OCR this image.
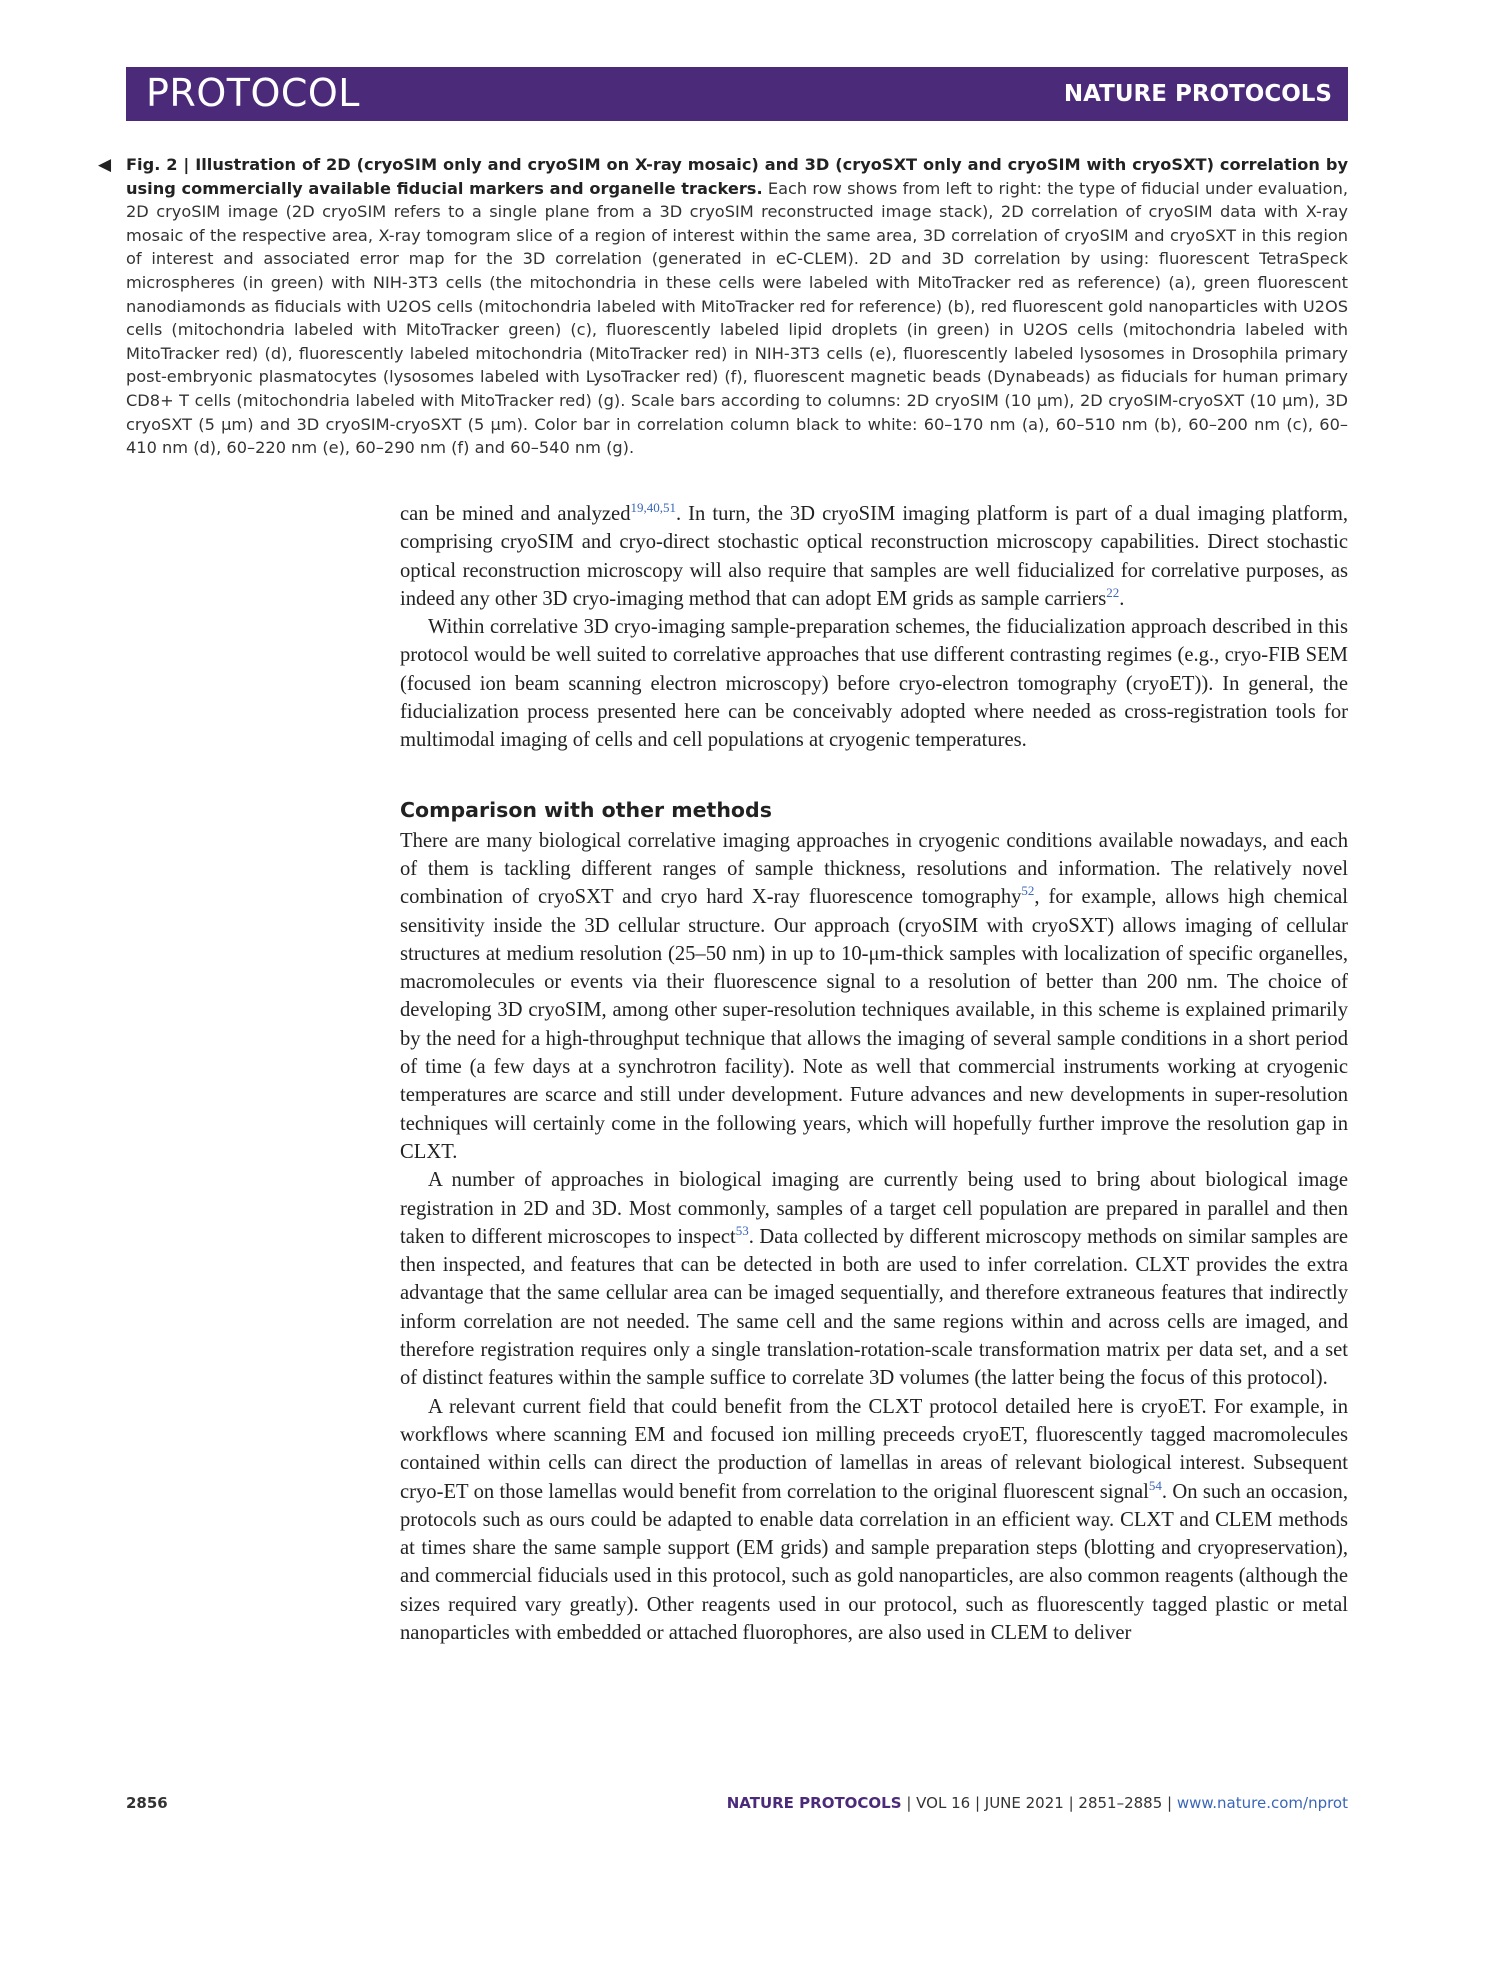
PROTOCOL	NATURE PROTOCOLS
◀ Fig. 2 | Illustration of 2D (cryoSIM only and cryoSIM on X-ray mosaic) and 3D (cryoSXT only and cryoSIM with cryoSXT) correlation by using commercially available fiducial markers and organelle trackers. Each row shows from left to right: the type of fiducial under evaluation, 2D cryoSIM image (2D cryoSIM refers to a single plane from a 3D cryoSIM reconstructed image stack), 2D correlation of cryoSIM data with X-ray mosaic of the respective area, X-ray tomogram slice of a region of interest within the same area, 3D correlation of cryoSIM and cryoSXT in this region of interest and associated error map for the 3D correlation (generated in eC-CLEM). 2D and 3D correlation by using: fluorescent TetraSpeck microspheres (in green) with NIH-3T3 cells (the mitochondria in these cells were labeled with MitoTracker red as reference) (a), green fluorescent nanodiamonds as fiducials with U2OS cells (mitochondria labeled with MitoTracker red for reference) (b), red fluorescent gold nanoparticles with U2OS cells (mitochondria labeled with MitoTracker green) (c), fluorescently labeled lipid droplets (in green) in U2OS cells (mitochondria labeled with MitoTracker red) (d), fluorescently labeled mitochondria (MitoTracker red) in NIH-3T3 cells (e), fluorescently labeled lysosomes in Drosophila primary post-embryonic plasmatocytes (lysosomes labeled with LysoTracker red) (f), fluorescent magnetic beads (Dynabeads) as fiducials for human primary CD8+ T cells (mitochondria labeled with MitoTracker red) (g). Scale bars according to columns: 2D cryoSIM (10 μm), 2D cryoSIM-cryoSXT (10 μm), 3D cryoSXT (5 μm) and 3D cryoSIM-cryoSXT (5 μm). Color bar in correlation column black to white: 60–170 nm (a), 60–510 nm (b), 60–200 nm (c), 60–410 nm (d), 60–220 nm (e), 60–290 nm (f) and 60–540 nm (g).

can be mined and analyzed$^{19,40,51}$. In turn, the 3D cryoSIM imaging platform is part of a dual imaging platform, comprising cryoSIM and cryo-direct stochastic optical reconstruction microscopy capabilities. Direct stochastic optical reconstruction microscopy will also require that samples are well fiducialized for correlative purposes, as indeed any other 3D cryo-imaging method that can adopt EM grids as sample carriers$^{22}$.

Within correlative 3D cryo-imaging sample-preparation schemes, the fiducialization approach described in this protocol would be well suited to correlative approaches that use different contrasting regimes (e.g., cryo-FIB SEM (focused ion beam scanning electron microscopy) before cryo-electron tomography (cryoET)). In general, the fiducialization process presented here can be conceivably adopted where needed as cross-registration tools for multimodal imaging of cells and cell populations at cryogenic temperatures.

Comparison with other methods

There are many biological correlative imaging approaches in cryogenic conditions available nowadays, and each of them is tackling different ranges of sample thickness, resolutions and information. The relatively novel combination of cryoSXT and cryo hard X-ray fluorescence tomography$^{52}$, for example, allows high chemical sensitivity inside the 3D cellular structure. Our approach (cryoSIM with cryoSXT) allows imaging of cellular structures at medium resolution (25–50 nm) in up to 10-μm-thick samples with localization of specific organelles, macromolecules or events via their fluorescence signal to a resolution of better than 200 nm. The choice of developing 3D cryoSIM, among other super-resolution techniques available, in this scheme is explained primarily by the need for a high-throughput technique that allows the imaging of several sample conditions in a short period of time (a few days at a synchrotron facility). Note as well that commercial instruments working at cryogenic temperatures are scarce and still under development. Future advances and new developments in super-resolution techniques will certainly come in the following years, which will hopefully further improve the resolution gap in CLXT.

A number of approaches in biological imaging are currently being used to bring about biological image registration in 2D and 3D. Most commonly, samples of a target cell population are prepared in parallel and then taken to different microscopes to inspect$^{53}$. Data collected by different microscopy methods on similar samples are then inspected, and features that can be detected in both are used to infer correlation. CLXT provides the extra advantage that the same cellular area can be imaged sequentially, and therefore extraneous features that indirectly inform correlation are not needed. The same cell and the same regions within and across cells are imaged, and therefore registration requires only a single translation-rotation-scale transformation matrix per data set, and a set of distinct features within the sample suffice to correlate 3D volumes (the latter being the focus of this protocol).

A relevant current field that could benefit from the CLXT protocol detailed here is cryoET. For example, in workflows where scanning EM and focused ion milling preceeds cryoET, fluorescently tagged macromolecules contained within cells can direct the production of lamellas in areas of relevant biological interest. Subsequent cryo-ET on those lamellas would benefit from correlation to the original fluorescent signal$^{54}$. On such an occasion, protocols such as ours could be adapted to enable data correlation in an efficient way. CLXT and CLEM methods at times share the same sample support (EM grids) and sample preparation steps (blotting and cryopreservation), and commercial fiducials used in this protocol, such as gold nanoparticles, are also common reagents (although the sizes required vary greatly). Other reagents used in our protocol, such as fluorescently tagged plastic or metal nanoparticles with embedded or attached fluorophores, are also used in CLEM to deliver

2856	NATURE PROTOCOLS | VOL 16 | JUNE 2021 | 2851–2885 | www.nature.com/nprot
